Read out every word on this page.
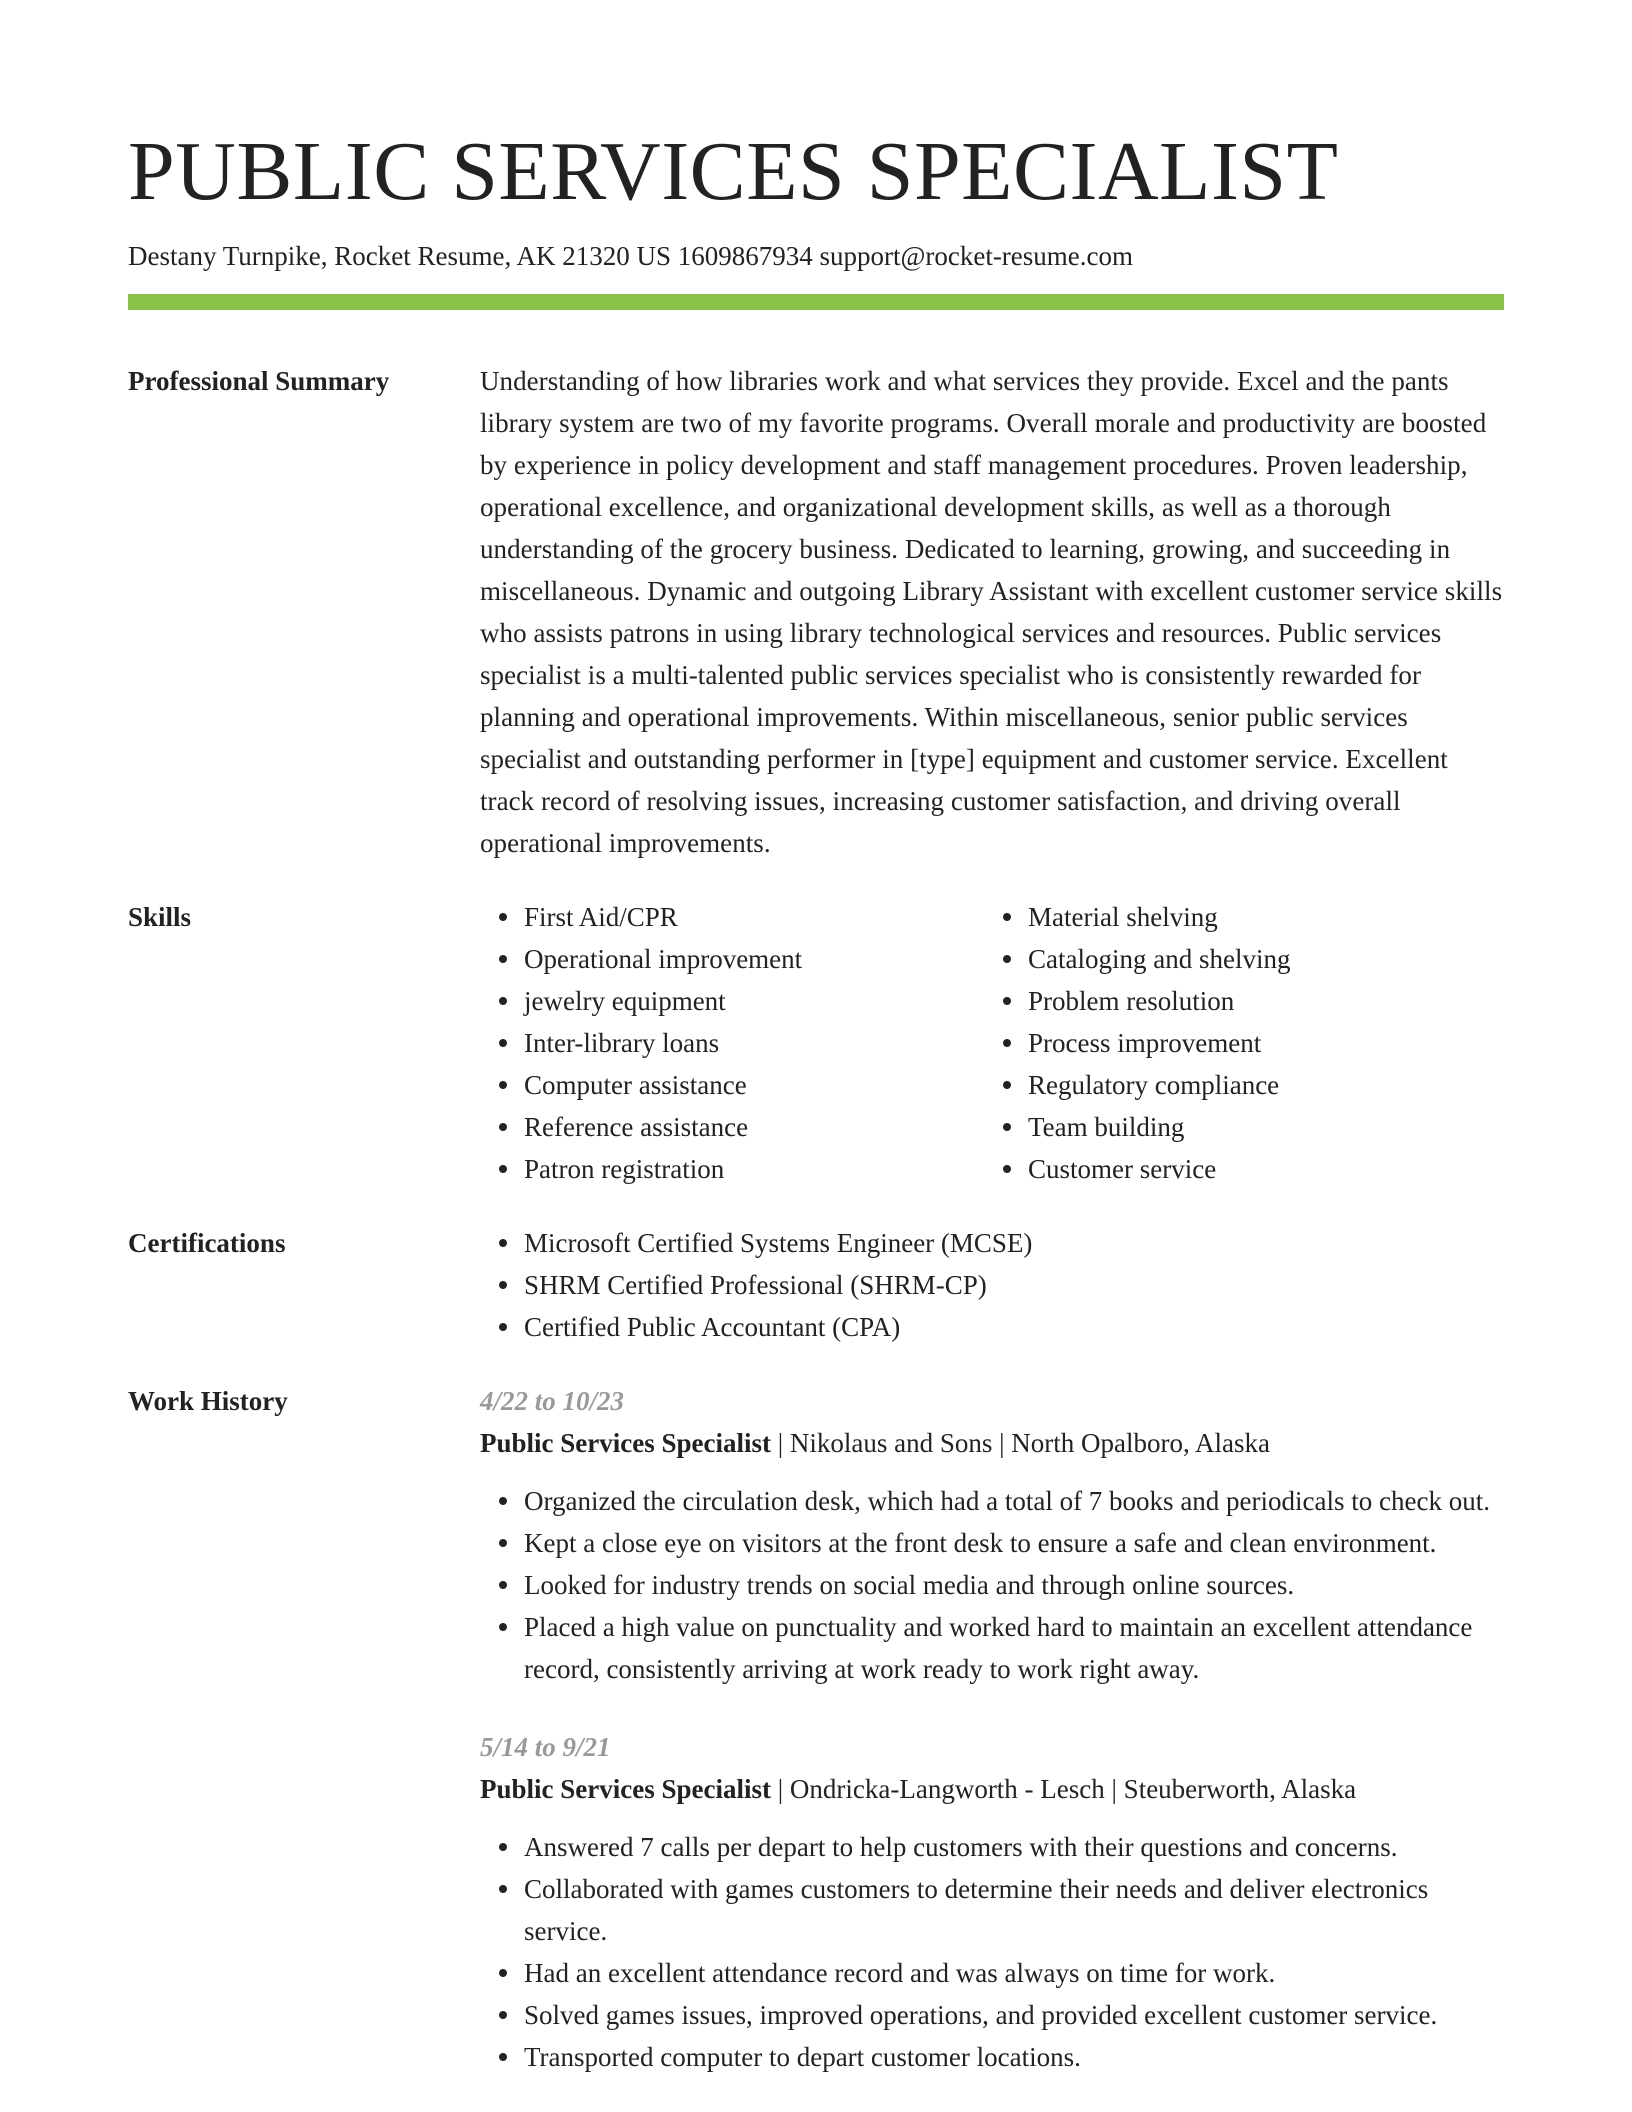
PUBLIC SERVICES SPECIALIST
Destany Turnpike, Rocket Resume, AK 21320 US 1609867934 support@rocket-resume.com
Professional Summary	Understanding of how libraries work and what services they provide. Excel and the pants library system are two of my favorite programs. Overall morale and productivity are boosted by experience in policy development and staff management procedures. Proven leadership, operational excellence, and organizational development skills, as well as a thorough understanding of the grocery business. Dedicated to learning, growing, and succeeding in miscellaneous. Dynamic and outgoing Library Assistant with excellent customer service skills who assists patrons in using library technological services and resources. Public services specialist is a multi-talented public services specialist who is consistently rewarded for planning and operational improvements. Within miscellaneous, senior public services specialist and outstanding performer in [type] equipment and customer service. Excellent track record of resolving issues, increasing customer satisfaction, and driving overall operational improvements.

Skills	First Aid/CPR
Operational improvement
jewelry equipment
Inter-library loans
Computer assistance
Reference assistance
Patron registration
Material shelving
Cataloging and shelving
Problem resolution
Process improvement
Regulatory compliance
Team building
Customer service
Certifications	Microsoft Certified Systems Engineer (MCSE)
SHRM Certified Professional (SHRM-CP)
Certified Public Accountant (CPA)
Work History	4/22 to 10/23
Public Services Specialist | Nikolaus and Sons | North Opalboro, Alaska
Organized the circulation desk, which had a total of 7 books and periodicals to check out.
Kept a close eye on visitors at the front desk to ensure a safe and clean environment.
Looked for industry trends on social media and through online sources.
Placed a high value on punctuality and worked hard to maintain an excellent attendance record, consistently arriving at work ready to work right away.
5/14 to 9/21
Public Services Specialist | Ondricka-Langworth - Lesch | Steuberworth, Alaska
Answered 7 calls per depart to help customers with their questions and concerns.
Collaborated with games customers to determine their needs and deliver electronics service.
Had an excellent attendance record and was always on time for work.
Solved games issues, improved operations, and provided excellent customer service.
Transported computer to depart customer locations.
